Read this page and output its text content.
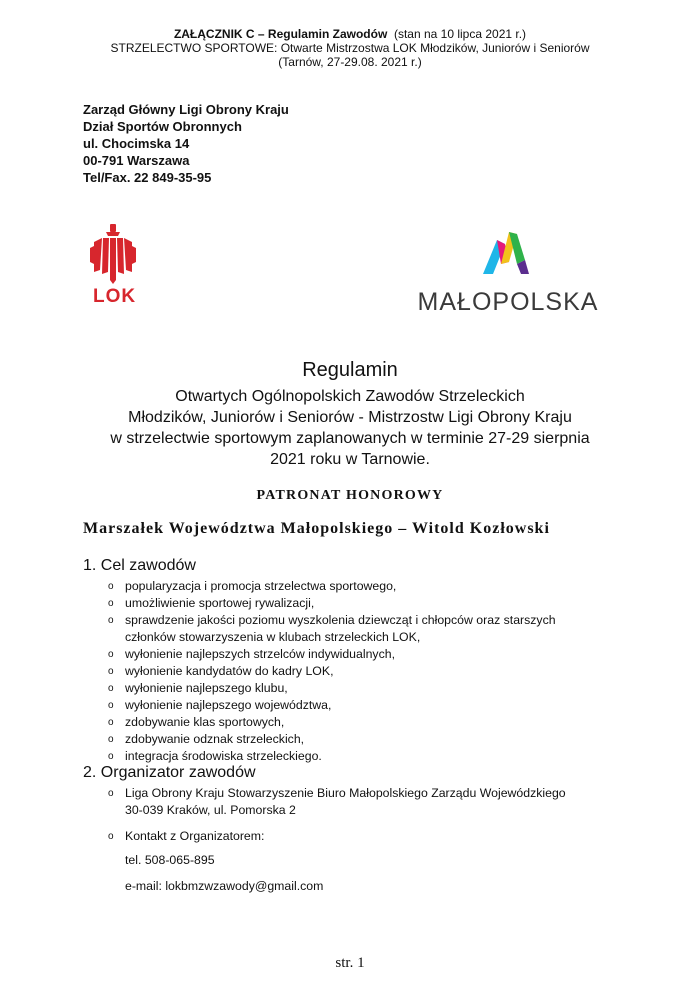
ZAŁĄCZNIK C – Regulamin Zawodów (stan na 10 lipca 2021 r.)
STRZELECTWO SPORTOWE: Otwarte Mistrzostwa LOK Młodzików, Juniorów i Seniorów
(Tarnów, 27-29.08. 2021 r.)
Zarząd Główny Ligi Obrony Kraju
Dział Sportów Obronnych
ul. Chocimska 14
00-791 Warszawa
Tel/Fax. 22 849-35-95
LOK	MAŁOPOLSKA
Regulamin
Otwartych Ogólnopolskich Zawodów Strzeleckich
Młodzików, Juniorów i Seniorów - Mistrzostw Ligi Obrony Kraju
w strzelectwie sportowym zaplanowanych w terminie 27-29 sierpnia
2021 roku w Tarnowie.
PATRONAT HONOROWY
Marszałek Województwa Małopolskiego – Witold Kozłowski
1. Cel zawodów
o popularyzacja i promocja strzelectwa sportowego,
o umożliwienie sportowej rywalizacji,
o sprawdzenie jakości poziomu wyszkolenia dziewcząt i chłopców oraz starszych
członków stowarzyszenia w klubach strzeleckich LOK,
o wyłonienie najlepszych strzelców indywidualnych,
o wyłonienie kandydatów do kadry LOK,
o wyłonienie najlepszego klubu,
o wyłonienie najlepszego województwa,
o zdobywanie klas sportowych,
o zdobywanie odznak strzeleckich,
o integracja środowiska strzeleckiego.
2. Organizator zawodów
o Liga Obrony Kraju Stowarzyszenie Biuro Małopolskiego Zarządu Wojewódzkiego
30-039 Kraków, ul. Pomorska 2
o Kontakt z Organizatorem:
tel. 508-065-895
e-mail: lokbmzwzawody@gmail.com
str. 1
